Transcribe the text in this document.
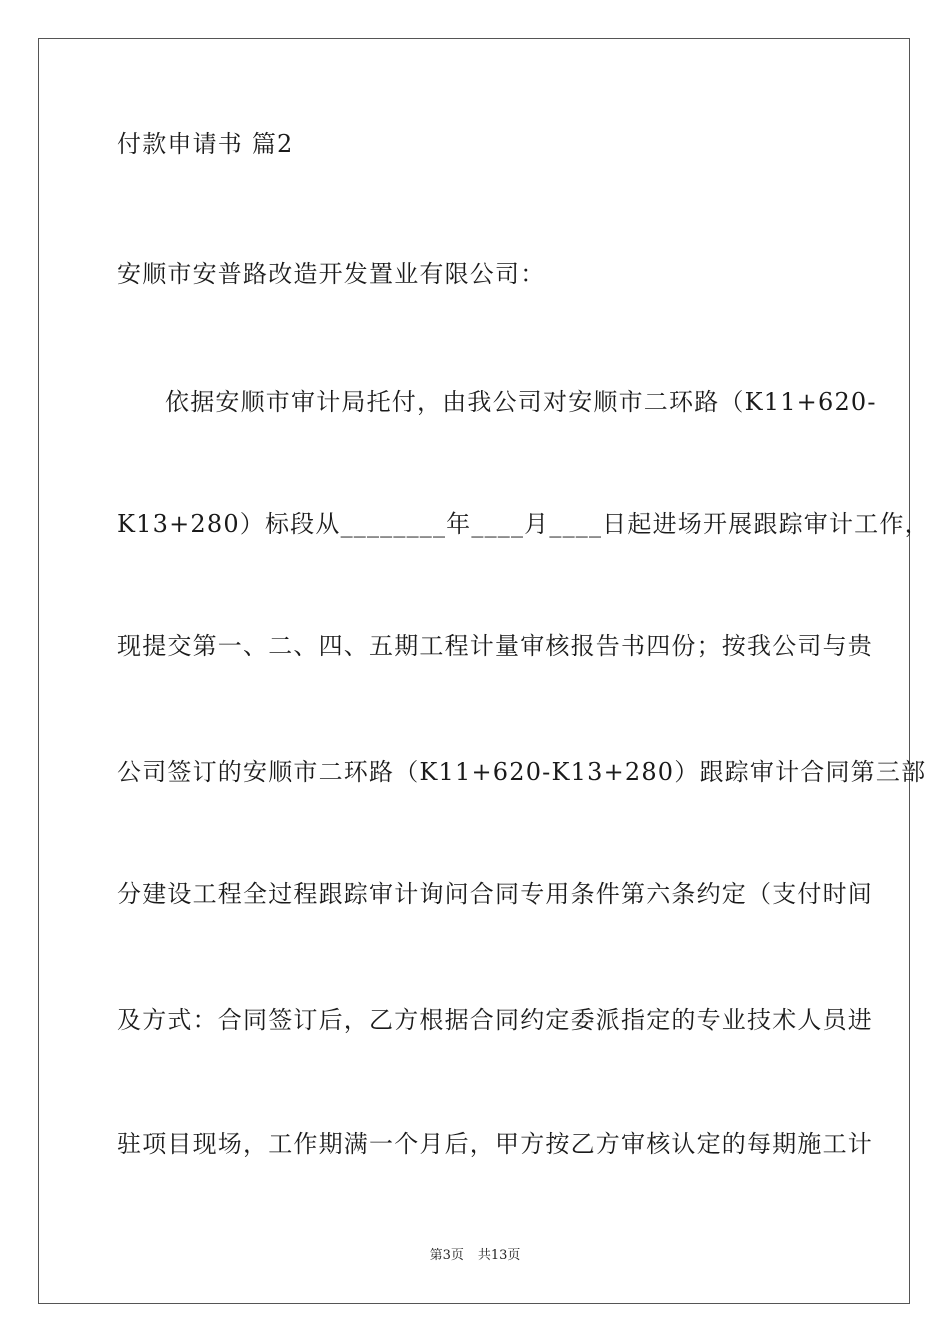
付款申请书 篇2
安顺市安普路改造开发置业有限公司：
依据安顺市审计局托付，由我公司对安顺市二环路（K11+620-
K13+280）标段从________年____月____日起进场开展跟踪审计工作，
现提交第一、二、四、五期工程计量审核报告书四份；按我公司与贵
公司签订的安顺市二环路（K11+620-K13+280）跟踪审计合同第三部
分建设工程全过程跟踪审计询问合同专用条件第六条约定（支付时间
及方式：合同签订后，乙方根据合同约定委派指定的专业技术人员进
驻项目现场，工作期满一个月后，甲方按乙方审核认定的每期施工计
第3页 共13页
